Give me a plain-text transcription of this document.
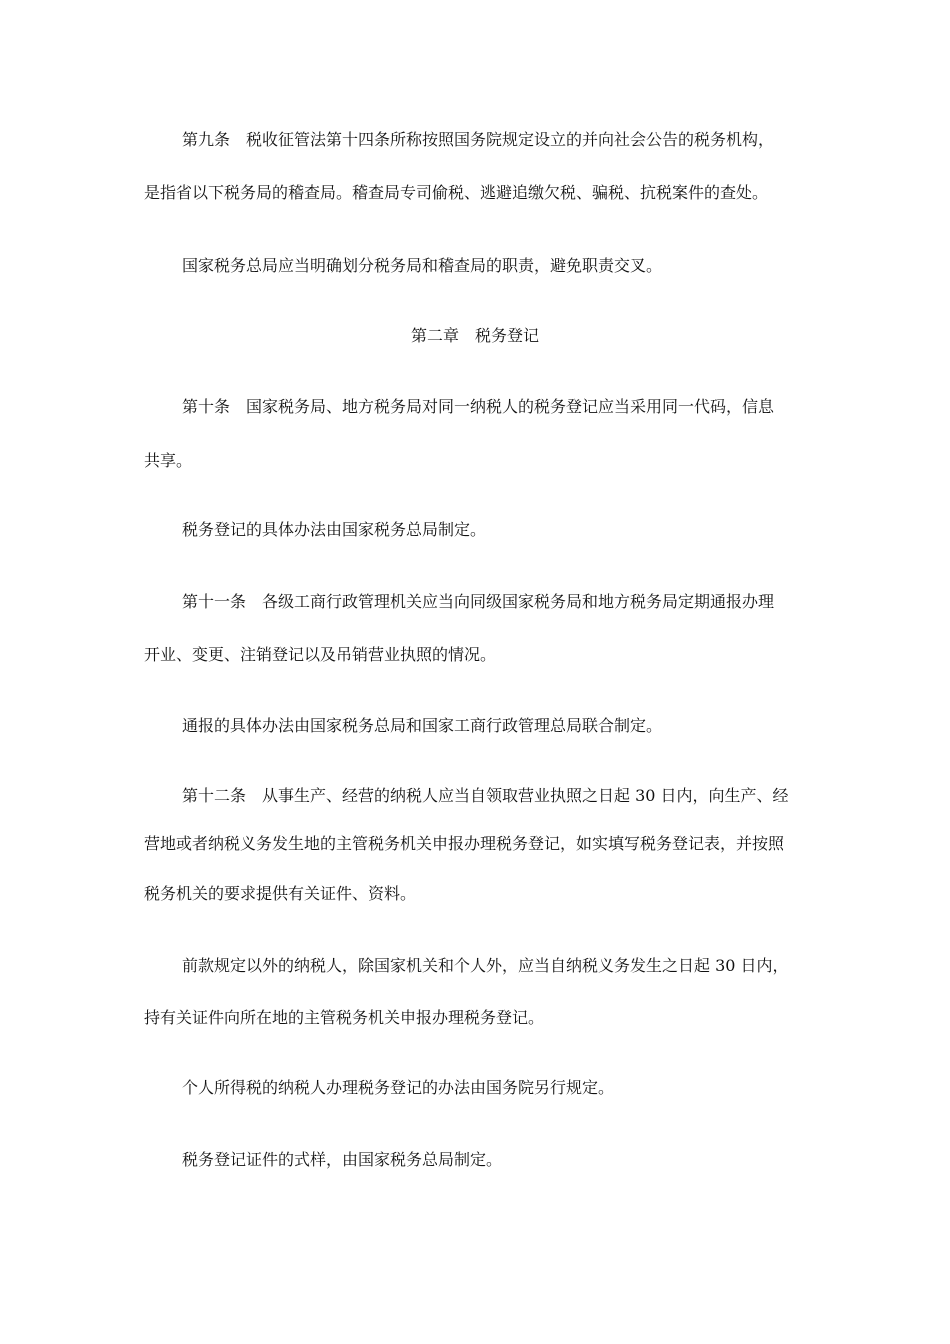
第九条 税收征管法第十四条所称按照国务院规定设立的并向社会公告的税务机构，
是指省以下税务局的稽查局。稽查局专司偷税、逃避追缴欠税、骗税、抗税案件的查处。
国家税务总局应当明确划分税务局和稽查局的职责，避免职责交叉。
第二章 税务登记
第十条 国家税务局、地方税务局对同一纳税人的税务登记应当采用同一代码，信息
共享。
税务登记的具体办法由国家税务总局制定。
第十一条 各级工商行政管理机关应当向同级国家税务局和地方税务局定期通报办理
开业、变更、注销登记以及吊销营业执照的情况。
通报的具体办法由国家税务总局和国家工商行政管理总局联合制定。
第十二条 从事生产、经营的纳税人应当自领取营业执照之日起 30 日内，向生产、经
营地或者纳税义务发生地的主管税务机关申报办理税务登记，如实填写税务登记表，并按照
税务机关的要求提供有关证件、资料。
前款规定以外的纳税人，除国家机关和个人外，应当自纳税义务发生之日起 30 日内，
持有关证件向所在地的主管税务机关申报办理税务登记。
个人所得税的纳税人办理税务登记的办法由国务院另行规定。
税务登记证件的式样，由国家税务总局制定。
